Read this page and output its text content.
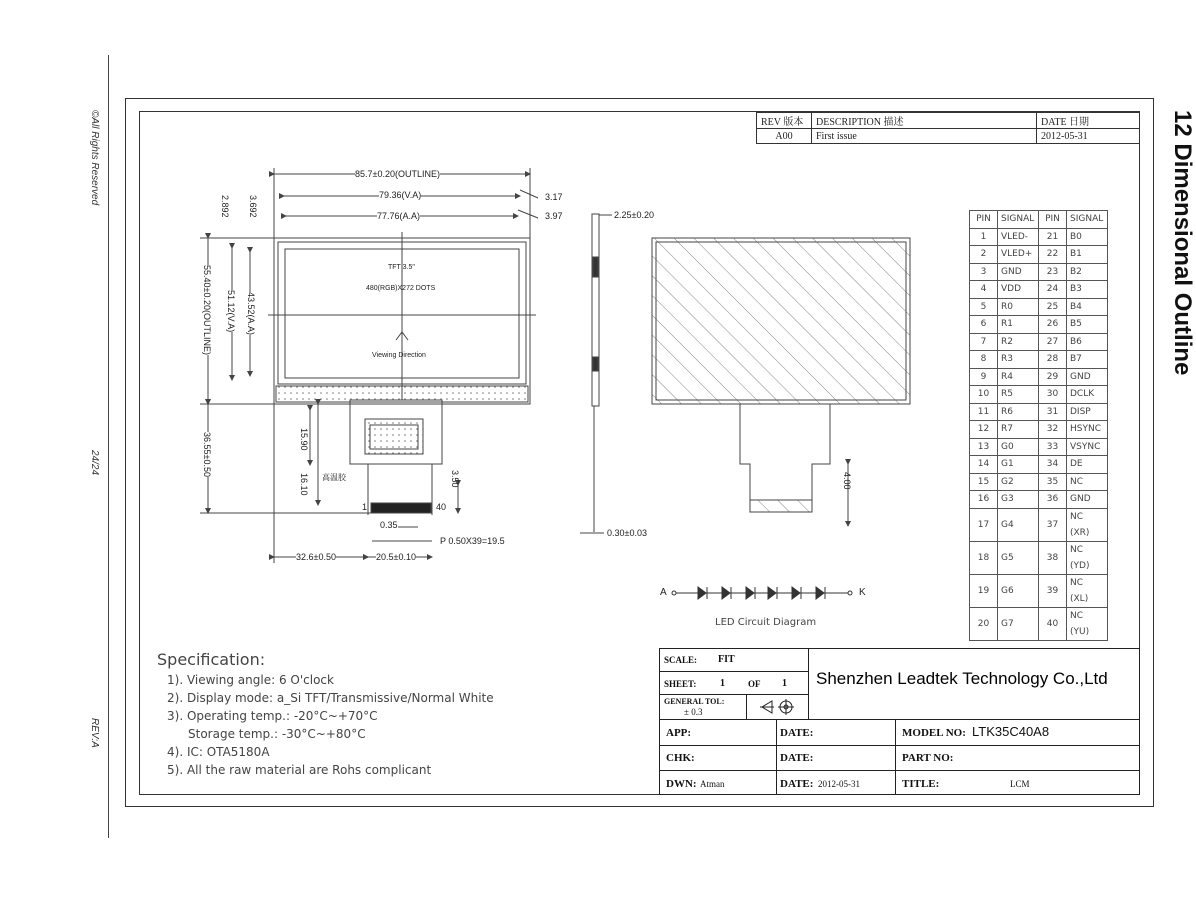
©All Rights Reserved
24/24
REV:A
12 Dimensional Outline
REV 版本	DESCRIPTION 描述	DATE 日期
A00	First issue	2012-05-31
85.7±0.20(OUTLINE)
79.36(V.A)
77.76(A.A)
3.17
3.97
2.892 3.692
55.40±0.20(OUTLINE) 51.12(V.A) 43.52(A.A)
36.55±0.50	15.90
16.10	3.50
1	40
0.35
P 0.50X39=19.5
32.6±0.50	20.5±0.10
TFT 3.5"
480(RGB)X272 DOTS
Viewing Direction
高温胶
2.25±0.20
0.30±0.03
4.00
A	K
LED Circuit Diagram
PIN	SIGNAL	PIN	SIGNAL
1	VLED-	21	B0
2	VLED+	22	B1
3	GND	23	B2
4	VDD	24	B3
5	R0	25	B4
6	R1	26	B5
7	R2	27	B6
8	R3	28	B7
9	R4	29	GND
10	R5	30	DCLK
11	R6	31	DISP
12	R7	32	HSYNC
13	G0	33	VSYNC
14	G1	34	DE
15	G2	35	NC
16	G3	36	GND
17	G4	37	NC (XR)
18	G5	38	NC (YD)
19	G6	39	NC (XL)
20	G7	40	NC (YU)
Specification:
1). Viewing angle: 6 O'clock
2). Display mode: a_Si TFT/Transmissive/Normal White
3). Operating temp.: -20°C~+70°C
Storage temp.: -30°C~+80°C
4). IC: OTA5180A
5). All the raw material are Rohs complicant
SCALE: FIT
SHEET: 1	OF 1
GENERAL TOL:
± 0.3
Shenzhen Leadtek Technology Co.,Ltd
APP:	DATE:	MODEL NO: LTK35C40A8
CHK:	DATE:	PART NO:
DWN: Atman	DATE: 2012-05-31	TITLE:	LCM
